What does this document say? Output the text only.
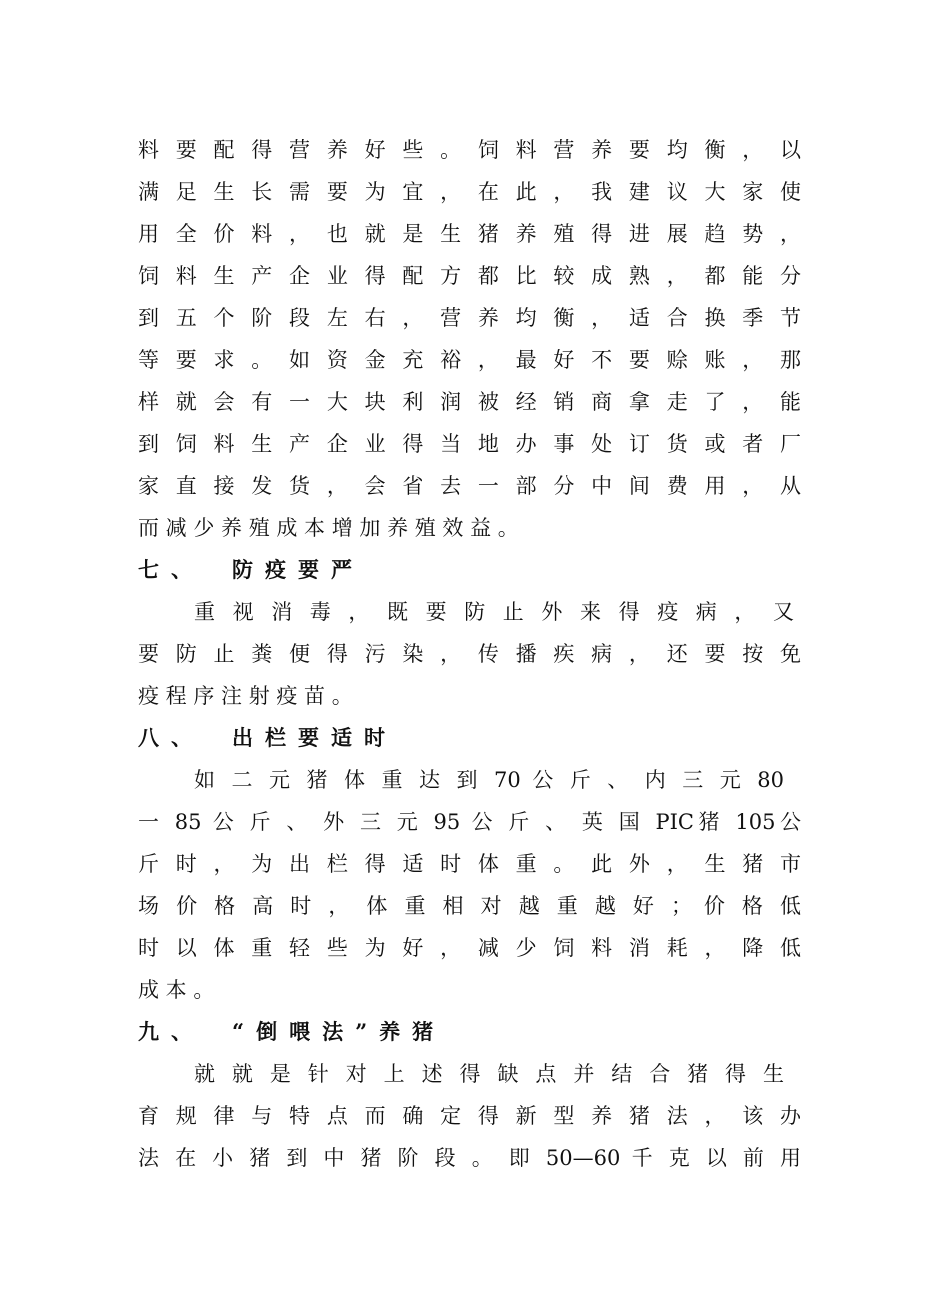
料 要 配 得 营 养 好 些 。 饲 料 营 养 要 均 衡 ， 以
满 足 生 长 需 要 为 宜 ， 在 此 ， 我 建 议 大 家 使
用 全 价 料 ， 也 就 是 生 猪 养 殖 得 进 展 趋 势 ，
饲 料 生 产 企 业 得 配 方 都 比 较 成 熟 ， 都 能 分
到 五 个 阶 段 左 右 ， 营 养 均 衡 ， 适 合 换 季 节
等 要 求 。 如 资 金 充 裕 ， 最 好 不 要 赊 账 ， 那
样 就 会 有 一 大 块 利 润 被 经 销 商 拿 走 了 ， 能
到 饲 料 生 产 企 业 得 当 地 办 事 处 订 货 或 者 厂
家 直 接 发 货 ， 会 省 去 一 部 分 中 间 费 用 ， 从
而 减 少 养 殖 成 本 增 加 养 殖 效 益 。
七、 防疫要严
重 视 消 毒 ， 既 要 防 止 外 来 得 疫 病 ， 又
要 防 止 粪 便 得 污 染 ， 传 播 疾 病 ， 还 要 按 免
疫 程 序 注 射 疫 苗 。
八、 出栏要适时
如 二 元 猪 体 重 达 到 70 公 斤 、 内 三 元 80
一 85 公 斤 、 外 三 元 95 公 斤 、 英 国 PIC猪 105公
斤 时 ， 为 出 栏 得 适 时 体 重 。 此 外 ， 生 猪 市
场 价 格 高 时 ， 体 重 相 对 越 重 越 好 ； 价 格 低
时 以 体 重 轻 些 为 好 ， 减 少 饲 料 消 耗 ， 降 低
成 本 。
九、 “倒喂法”养猪
就 就 是 针 对 上 述 得 缺 点 并 结 合 猪 得 生
育 规 律 与 特 点 而 确 定 得 新 型 养 猪 法 ， 该 办
法 在 小 猪 到 中 猪 阶 段 。 即 50—60 千 克 以 前 用
